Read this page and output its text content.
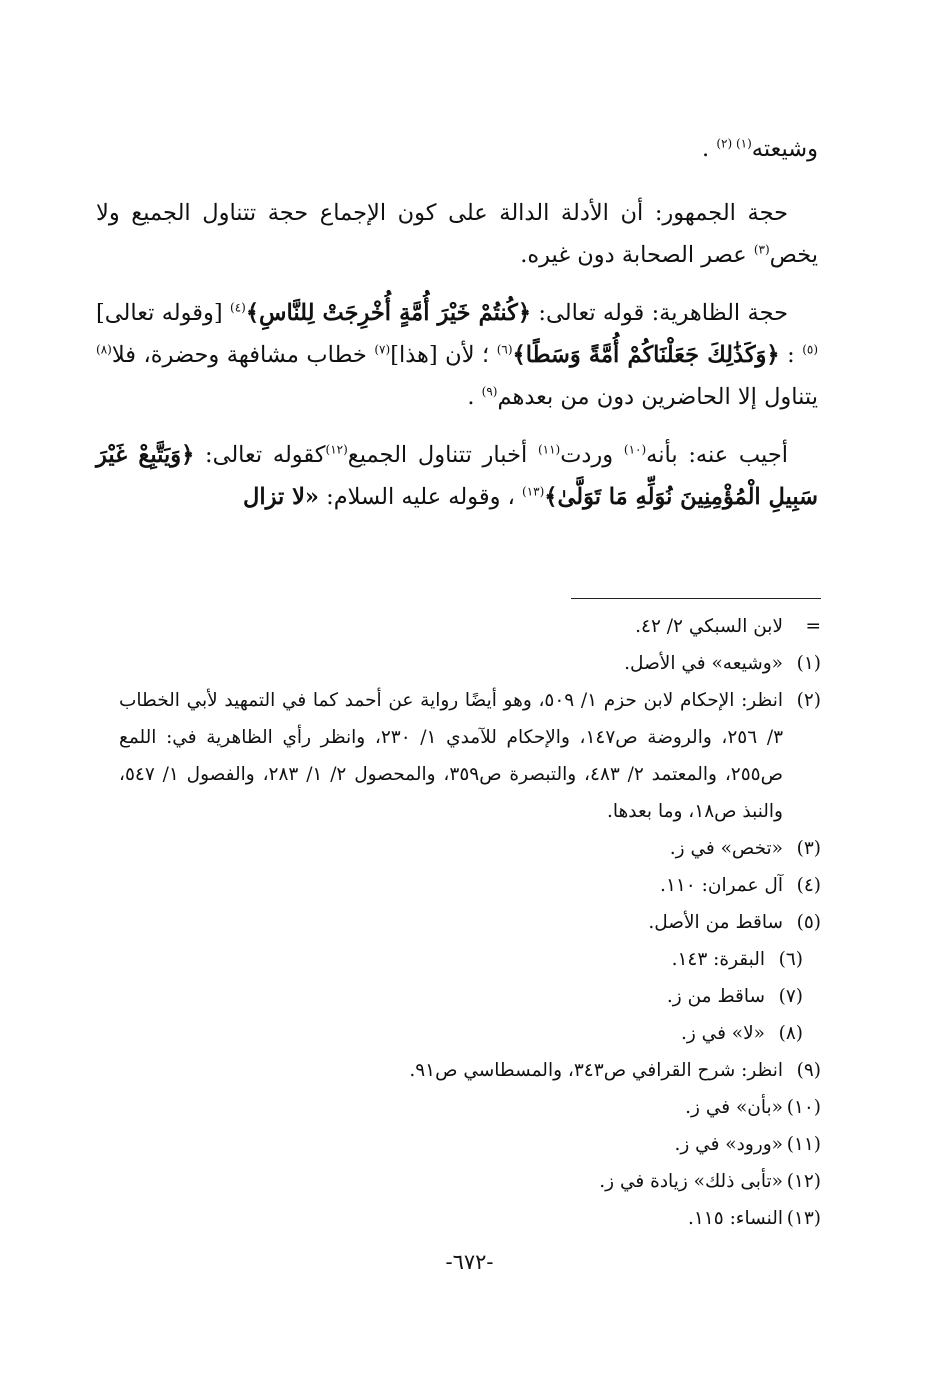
وشيعته$^{(١) (٢)}$ .

حجة الجمهور: أن الأدلة الدالة على كون الإجماع حجة تتناول الجميع ولا يخص$^{(٣)}$ عصر الصحابة دون غيره.

حجة الظاهرية: قوله تعالى: ﴿كُنتُمْ خَيْرَ أُمَّةٍ أُخْرِجَتْ لِلنَّاسِ﴾$^{(٤)}$ [وقوله تعالى]$^{(٥)}$ : ﴿وَكَذَٰلِكَ جَعَلْنَاكُمْ أُمَّةً وَسَطًا﴾$^{(٦)}$ ؛ لأن [هذا]$^{(٧)}$ خطاب مشافهة وحضرة، فلا$^{(٨)}$ يتناول إلا الحاضرين دون من بعدهم$^{(٩)}$ .

أجيب عنه: بأنه$^{(١٠)}$ وردت$^{(١١)}$ أخبار تتناول الجميع$^{(١٢)}$كقوله تعالى: ﴿وَيَتَّبِعْ غَيْرَ سَبِيلِ الْمُؤْمِنِينَ نُوَلِّهِ مَا تَوَلَّىٰ﴾$^{(١٣)}$ ، وقوله عليه السلام: «لا تزال

=
لابن السبكي ٢/ ٤٢.
(١)
«وشيعه» في الأصل.
(٢)
انظر: الإحكام لابن حزم ١/ ٥٠٩، وهو أيضًا رواية عن أحمد كما في التمهيد لأبي الخطاب ٣/ ٢٥٦، والروضة ص١٤٧، والإحكام للآمدي ١/ ٢٣٠، وانظر رأي الظاهرية في: اللمع ص٢٥٥، والمعتمد ٢/ ٤٨٣، والتبصرة ص٣٥٩، والمحصول ٢/ ١/ ٢٨٣، والفصول ١/ ٥٤٧، والنبذ ص١٨، وما بعدها.
(٣)
«تخص» في ز.
(٤)
آل عمران: ١١٠.
(٥)
ساقط من الأصل.
(٦)
البقرة: ١٤٣.
(٧)
ساقط من ز.
(٨)
«لا» في ز.
(٩)
انظر: شرح القرافي ص٣٤٣، والمسطاسي ص٩١.
(١٠)
«بأن» في ز.
(١١)
«ورود» في ز.
(١٢)
«تأبى ذلك» زيادة في ز.
(١٣)
النساء: ١١٥.
-٦٧٢-
